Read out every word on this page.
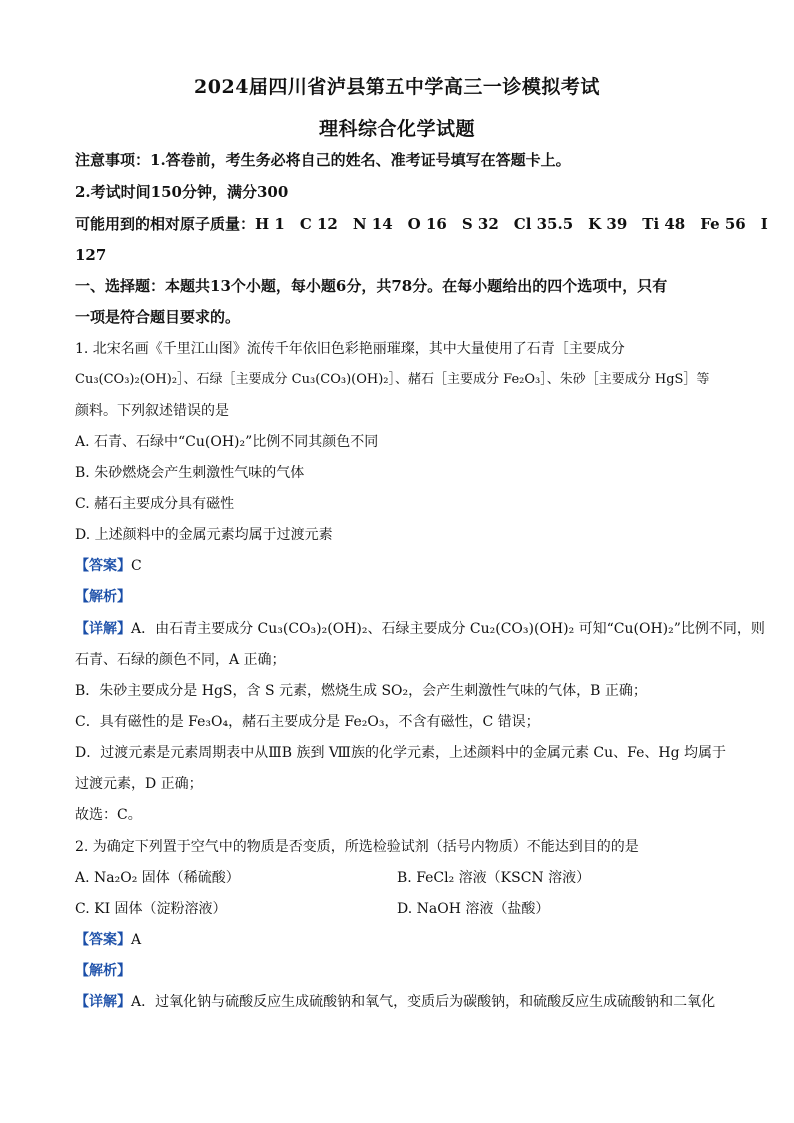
2024届四川省泸县第五中学高三一诊模拟考试
理科综合化学试题
注意事项：1.答卷前，考生务必将自己的姓名、准考证号填写在答题卡上。
2.考试时间150分钟，满分300
可能用到的相对原子质量：H 1　C 12　N 14　O 16　S 32　Cl 35.5　K 39　Ti 48　Fe 56　I
127
一、选择题：本题共13个小题，每小题6分，共78分。在每小题给出的四个选项中，只有
一项是符合题目要求的。
1. 北宋名画《千里江山图》流传千年依旧色彩艳丽璀璨，其中大量使用了石青［主要成分
Cu₃(CO₃)₂(OH)₂］、石绿［主要成分 Cu₃(CO₃)(OH)₂］、赭石［主要成分 Fe₂O₃］、朱砂［主要成分 HgS］等
颜料。下列叙述错误的是
A. 石青、石绿中“Cu(OH)₂”比例不同其颜色不同
B. 朱砂燃烧会产生刺激性气味的气体
C. 赭石主要成分具有磁性
D. 上述颜料中的金属元素均属于过渡元素
【答案】C
【解析】
【详解】A．由石青主要成分 Cu₃(CO₃)₂(OH)₂、石绿主要成分 Cu₂(CO₃)(OH)₂ 可知“Cu(OH)₂”比例不同，则
石青、石绿的颜色不同，A 正确；
B．朱砂主要成分是 HgS，含 S 元素，燃烧生成 SO₂，会产生刺激性气味的气体，B 正确；
C．具有磁性的是 Fe₃O₄，赭石主要成分是 Fe₂O₃，不含有磁性，C 错误；
D．过渡元素是元素周期表中从ⅢB 族到 Ⅷ族的化学元素，上述颜料中的金属元素 Cu、Fe、Hg 均属于
过渡元素，D 正确；
故选：C。
2. 为确定下列置于空气中的物质是否变质，所选检验试剂（括号内物质）不能达到目的的是
A. Na₂O₂ 固体（稀硫酸）	B. FeCl₂ 溶液（KSCN 溶液）
C. KI 固体（淀粉溶液）	D. NaOH 溶液（盐酸）
【答案】A
【解析】
【详解】A．过氧化钠与硫酸反应生成硫酸钠和氧气，变质后为碳酸钠，和硫酸反应生成硫酸钠和二氧化
